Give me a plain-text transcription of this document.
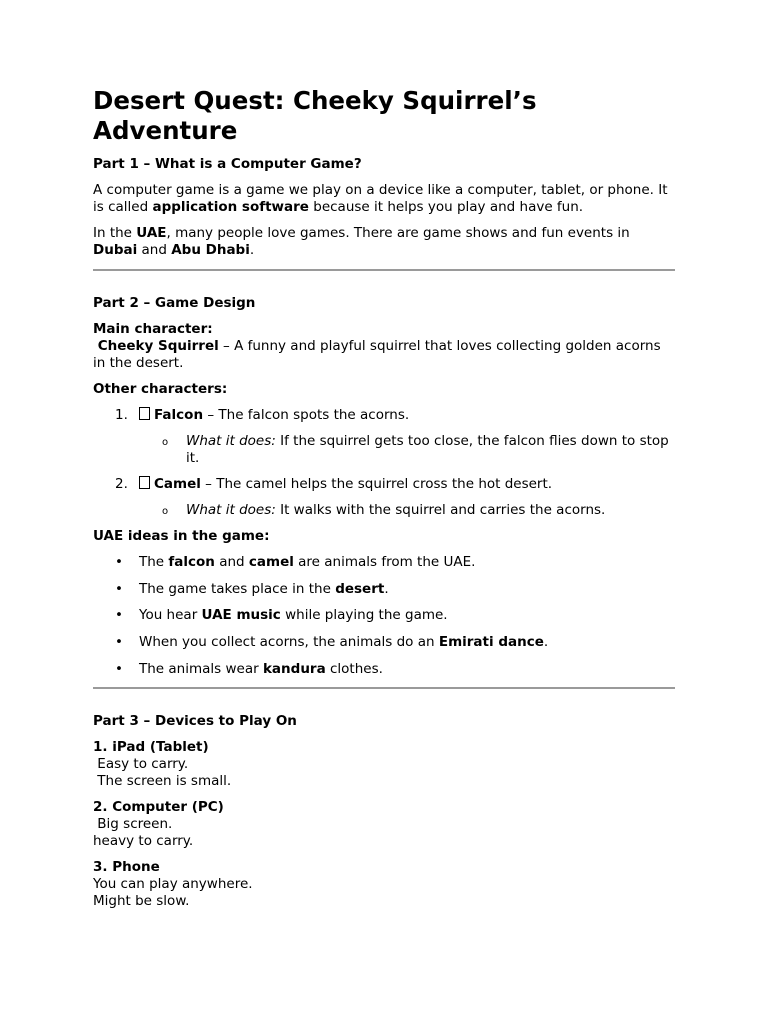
Desert Quest: Cheeky Squirrel’s Adventure
Part 1 – What is a Computer Game?

A computer game is a game we play on a device like a computer, tablet, or phone. It is called application software because it helps you play and have fun.

In the UAE, many people love games. There are game shows and fun events in Dubai and Abu Dhabi.

Part 2 – Game Design

Main character:
Cheeky Squirrel – A funny and playful squirrel that loves collecting golden acorns in the desert.

Other characters:
1. Falcon – The falcon spots the acorns.
o What it does: If the squirrel gets too close, the falcon flies down to stop it.
2. Camel – The camel helps the squirrel cross the hot desert.
o What it does: It walks with the squirrel and carries the acorns.
UAE ideas in the game:
• The falcon and camel are animals from the UAE.
• The game takes place in the desert.
• You hear UAE music while playing the game.
• When you collect acorns, the animals do an Emirati dance.
• The animals wear kandura clothes.
Part 3 – Devices to Play On
1. iPad (Tablet)
Easy to carry.
The screen is small.
2. Computer (PC)
Big screen.
heavy to carry.
3. Phone
You can play anywhere.
Might be slow.
